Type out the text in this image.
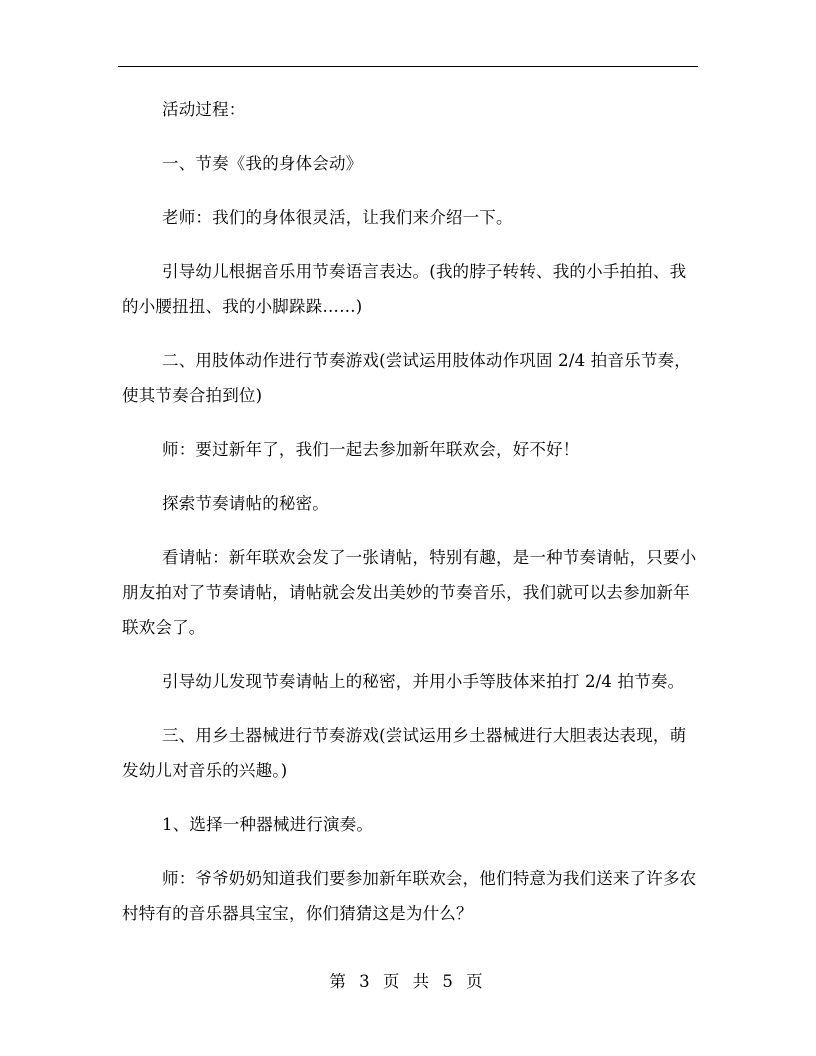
活动过程：

一、节奏《我的身体会动》

老师：我们的身体很灵活，让我们来介绍一下。

引导幼儿根据音乐用节奏语言表达。(我的脖子转转、我的小手拍拍、我的小腰扭扭、我的小脚跺跺……)

二、用肢体动作进行节奏游戏(尝试运用肢体动作巩固 2/4 拍音乐节奏，使其节奏合拍到位)

师：要过新年了，我们一起去参加新年联欢会，好不好！

探索节奏请帖的秘密。

看请帖：新年联欢会发了一张请帖，特别有趣，是一种节奏请帖，只要小朋友拍对了节奏请帖，请帖就会发出美妙的节奏音乐，我们就可以去参加新年联欢会了。

引导幼儿发现节奏请帖上的秘密，并用小手等肢体来拍打 2/4 拍节奏。

三、用乡土器械进行节奏游戏(尝试运用乡土器械进行大胆表达表现，萌发幼儿对音乐的兴趣。)

1、选择一种器械进行演奏。

师：爷爷奶奶知道我们要参加新年联欢会，他们特意为我们送来了许多农村特有的音乐器具宝宝，你们猜猜这是为什么？

第 3 页 共 5 页
